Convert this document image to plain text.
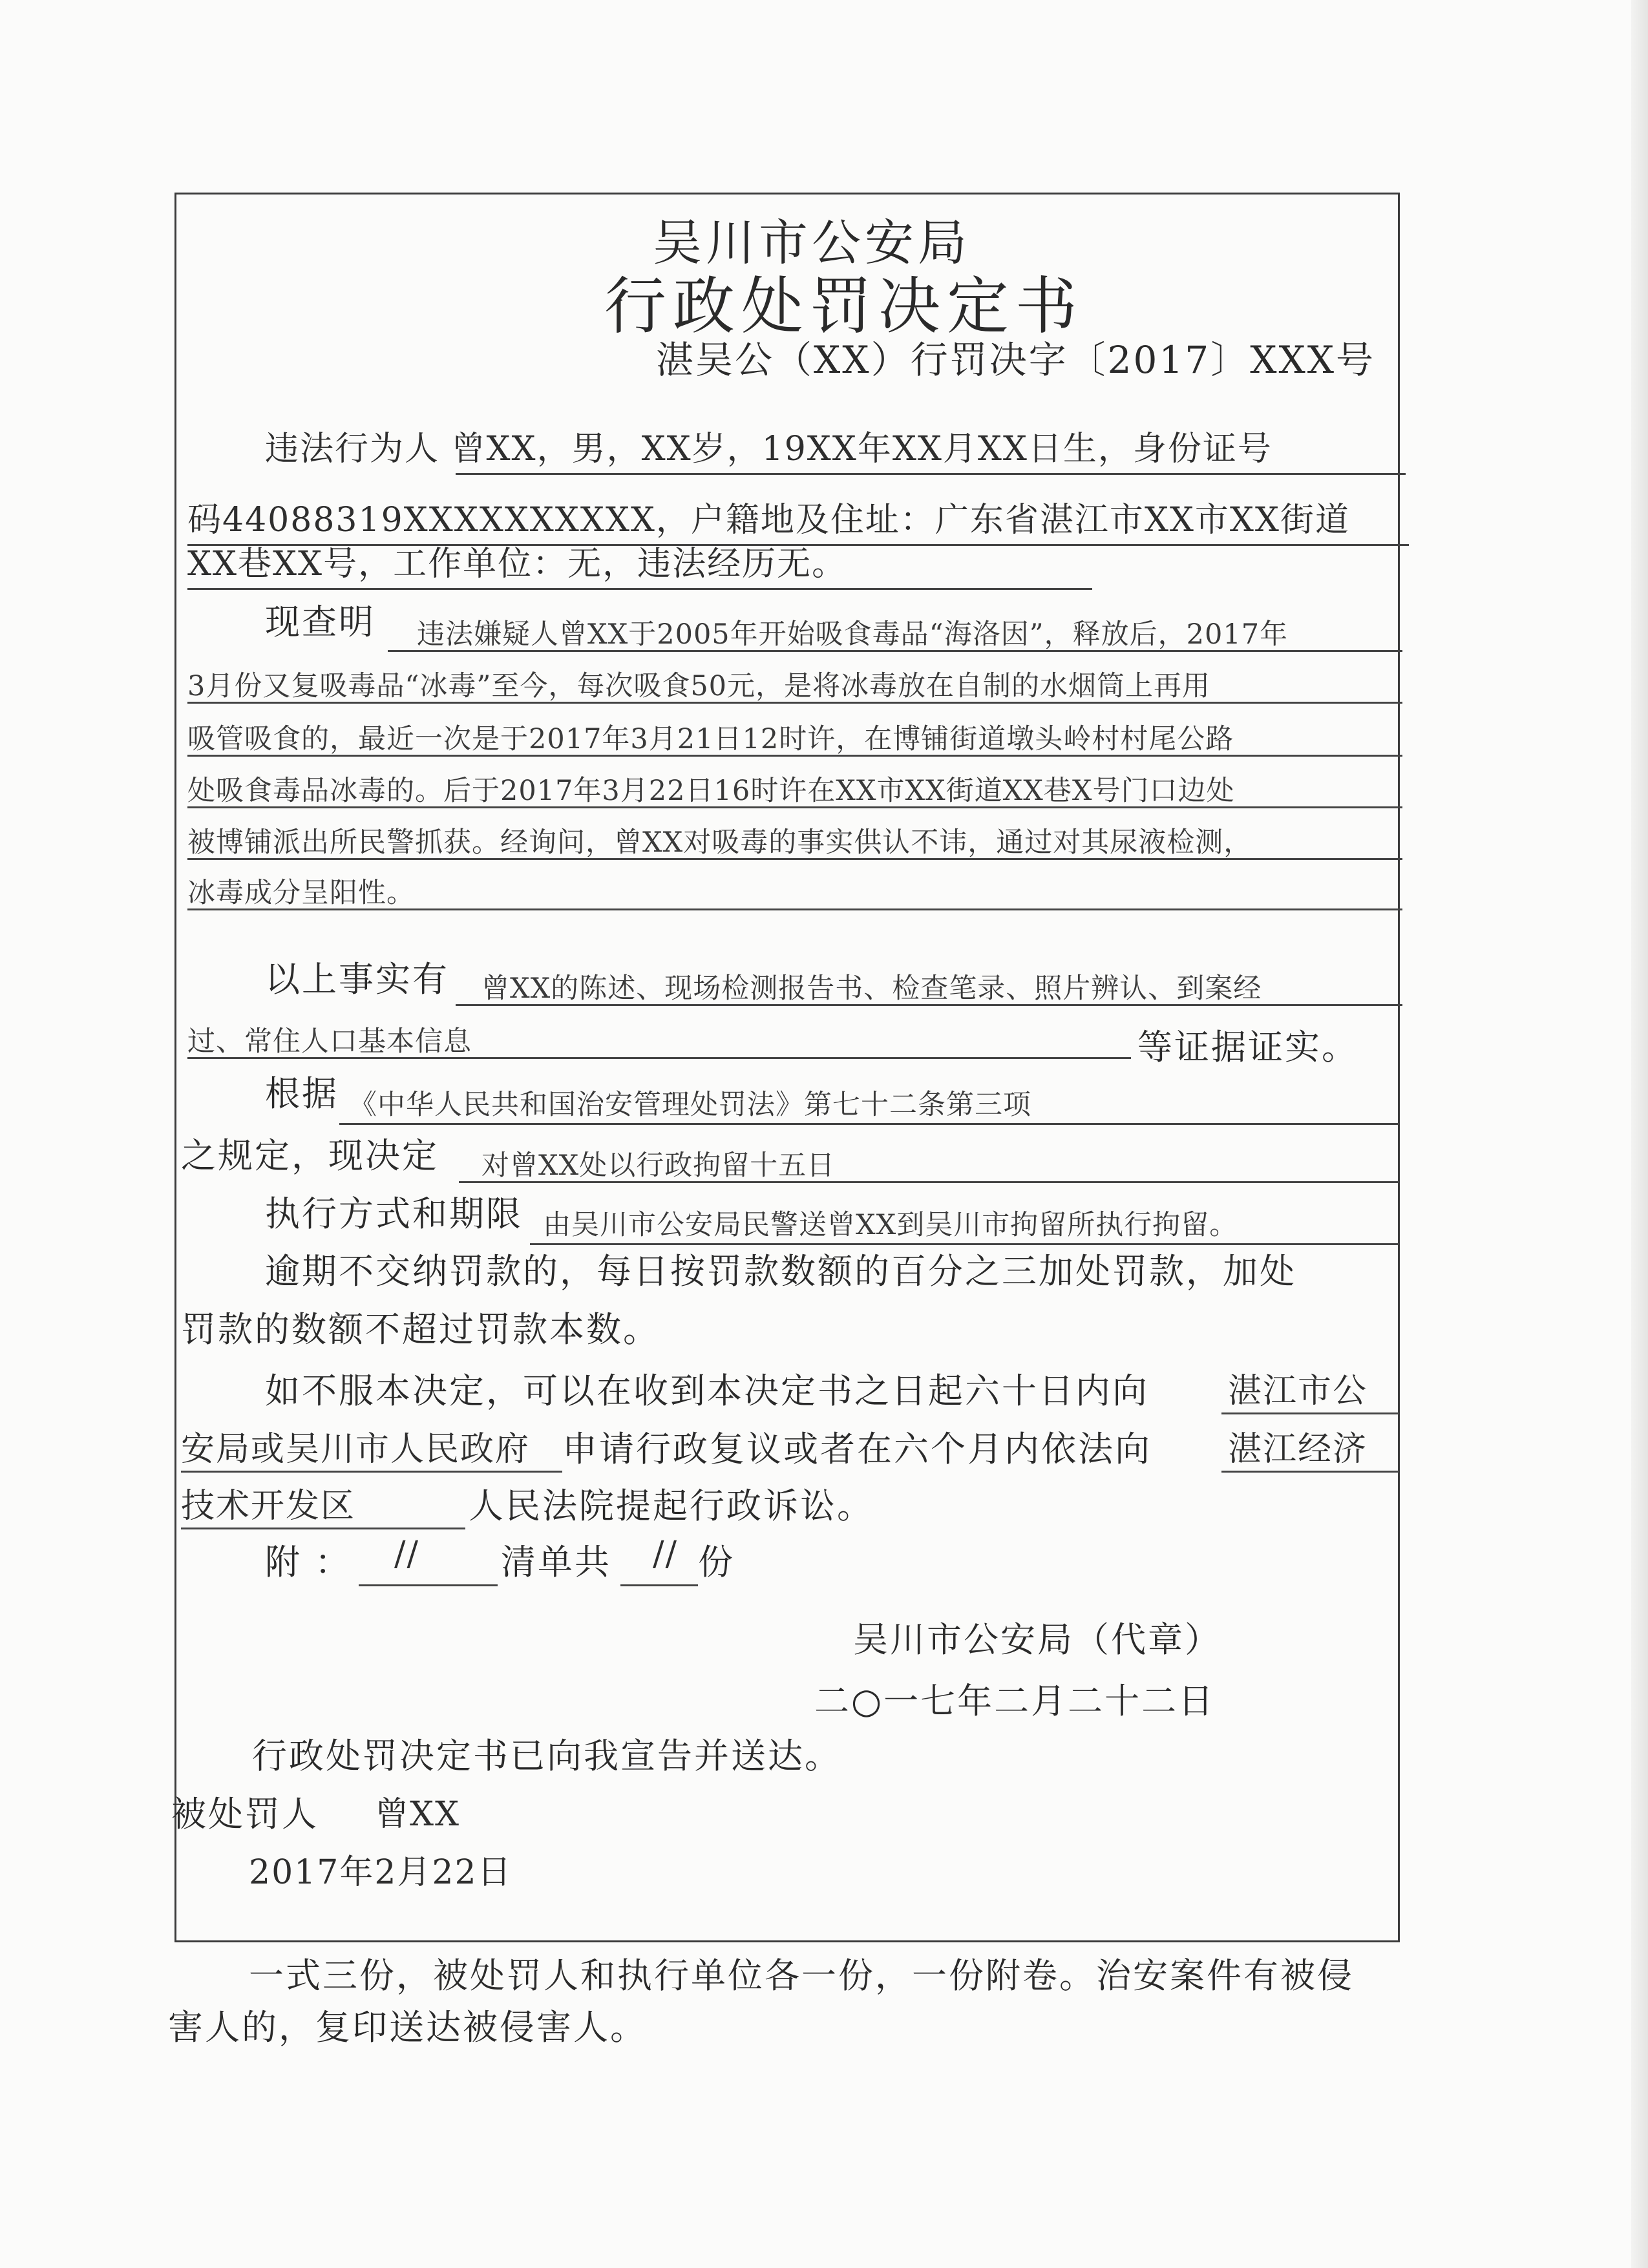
吴川市公安局
行政处罚决定书
湛吴公（XX）行罚决字〔2017〕XXX号
违法行为人 曾XX，男，XX岁，19XX年XX月XX日生，身份证号
码44088319XXXXXXXXXX，户籍地及住址：广东省湛江市XX市XX街道
XX巷XX号，工作单位：无，违法经历无。
现查明 违法嫌疑人曾XX于2005年开始吸食毒品“海洛因”，释放后，2017年
3月份又复吸毒品“冰毒”至今，每次吸食50元，是将冰毒放在自制的水烟筒上再用
吸管吸食的，最近一次是于2017年3月21日12时许，在博铺街道墩头岭村村尾公路
处吸食毒品冰毒的。后于2017年3月22日16时许在XX市XX街道XX巷X号门口边处
被博铺派出所民警抓获。经询问，曾XX对吸毒的事实供认不讳，通过对其尿液检测，
冰毒成分呈阳性。
以上事实有 曾XX的陈述、现场检测报告书、检查笔录、照片辨认、到案经
过、常住人口基本信息	等证据证实。
根据 《中华人民共和国治安管理处罚法》第七十二条第三项
之规定，现决定 对曾XX处以行政拘留十五日
执行方式和期限 由吴川市公安局民警送曾XX到吴川市拘留所执行拘留。
逾期不交纳罚款的，每日按罚款数额的百分之三加处罚款，加处
罚款的数额不超过罚款本数。
如不服本决定，可以在收到本决定书之日起六十日内向 湛江市公
安局或吴川市人民政府 申请行政复议或者在六个月内依法向 湛江经济
技术开发区	人民法院提起行政诉讼。
附 ： // 清单共 // 份
吴川市公安局（代章）
二○一七年二月二十二日
行政处罚决定书已向我宣告并送达。
被处罚人 曾XX
2017年2月22日
一式三份，被处罚人和执行单位各一份，一份附卷。治安案件有被侵
害人的，复印送达被侵害人。
